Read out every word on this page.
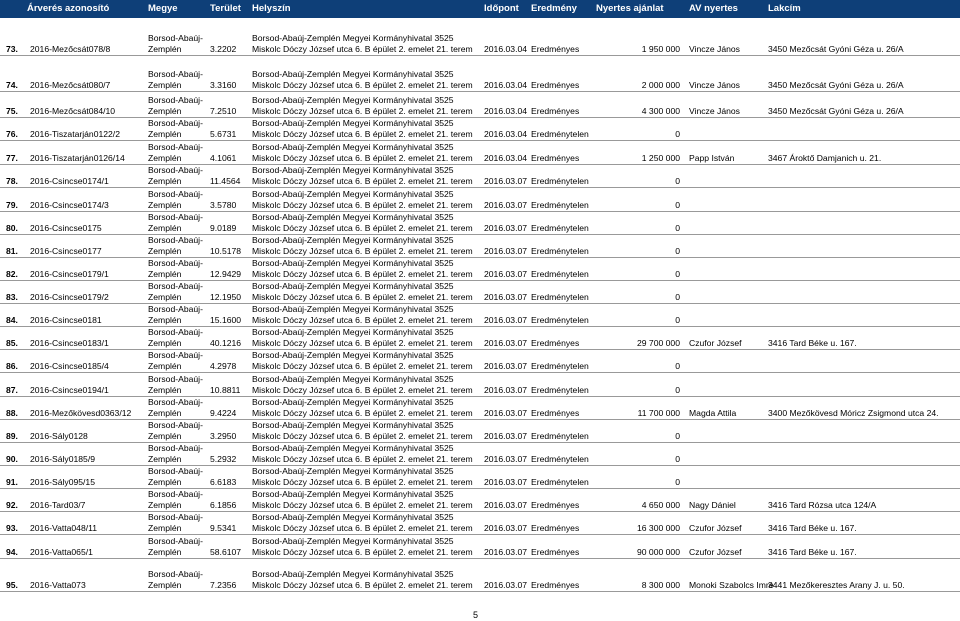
Árverés azonosító	Megye	Terület Helyszín	Időpont Eredmény Nyertes ajánlat	AV nyertes	Lakcím
73. 2016-Mezőcsát078/8
Borsod-Abaúj-
Zemplén	3.2202
Borsod-Abaúj-Zemplén Megyei Kormányhivatal 3525
Miskolc Dóczy József utca 6. B épület 2. emelet 21. terem 2016.03.04 Eredményes	1 950 000 Vincze János	3450 Mezőcsát Gyóni Géza u. 26/A
74. 2016-Mezőcsát080/7
Borsod-Abaúj-
Zemplén	3.3160
Borsod-Abaúj-Zemplén Megyei Kormányhivatal 3525
Miskolc Dóczy József utca 6. B épület 2. emelet 21. terem 2016.03.04 Eredményes	2 000 000 Vincze János	3450 Mezőcsát Gyóni Géza u. 26/A
75. 2016-Mezőcsát084/10
Borsod-Abaúj-
Zemplén	7.2510
Borsod-Abaúj-Zemplén Megyei Kormányhivatal 3525
Miskolc Dóczy József utca 6. B épület 2. emelet 21. terem 2016.03.04 Eredményes	4 300 000 Vincze János	3450 Mezőcsát Gyóni Géza u. 26/A
76. 2016-Tiszatarján0122/2
Borsod-Abaúj-
Zemplén	5.6731
Borsod-Abaúj-Zemplén Megyei Kormányhivatal 3525
Miskolc Dóczy József utca 6. B épület 2. emelet 21. terem 2016.03.04 Eredménytelen	0
77. 2016-Tiszatarján0126/14
Borsod-Abaúj-
Zemplén	4.1061
Borsod-Abaúj-Zemplén Megyei Kormányhivatal 3525
Miskolc Dóczy József utca 6. B épület 2. emelet 21. terem 2016.03.04 Eredményes	1 250 000 Papp István	3467 Ároktő Damjanich u. 21.
78. 2016-Csincse0174/1
Borsod-Abaúj-
Zemplén	11.4564
Borsod-Abaúj-Zemplén Megyei Kormányhivatal 3525
Miskolc Dóczy József utca 6. B épület 2. emelet 21. terem 2016.03.07 Eredménytelen	0
79. 2016-Csincse0174/3
Borsod-Abaúj-
Zemplén	3.5780
Borsod-Abaúj-Zemplén Megyei Kormányhivatal 3525
Miskolc Dóczy József utca 6. B épület 2. emelet 21. terem 2016.03.07 Eredménytelen	0
80. 2016-Csincse0175
Borsod-Abaúj-
Zemplén	9.0189
Borsod-Abaúj-Zemplén Megyei Kormányhivatal 3525
Miskolc Dóczy József utca 6. B épület 2. emelet 21. terem 2016.03.07 Eredménytelen	0
81. 2016-Csincse0177
Borsod-Abaúj-
Zemplén	10.5178
Borsod-Abaúj-Zemplén Megyei Kormányhivatal 3525
Miskolc Dóczy József utca 6. B épület 2. emelet 21. terem 2016.03.07 Eredménytelen	0
82. 2016-Csincse0179/1
Borsod-Abaúj-
Zemplén	12.9429
Borsod-Abaúj-Zemplén Megyei Kormányhivatal 3525
Miskolc Dóczy József utca 6. B épület 2. emelet 21. terem 2016.03.07 Eredménytelen	0
83. 2016-Csincse0179/2
Borsod-Abaúj-
Zemplén	12.1950
Borsod-Abaúj-Zemplén Megyei Kormányhivatal 3525
Miskolc Dóczy József utca 6. B épület 2. emelet 21. terem 2016.03.07 Eredménytelen	0
84. 2016-Csincse0181
Borsod-Abaúj-
Zemplén	15.1600
Borsod-Abaúj-Zemplén Megyei Kormányhivatal 3525
Miskolc Dóczy József utca 6. B épület 2. emelet 21. terem 2016.03.07 Eredménytelen	0
85. 2016-Csincse0183/1
Borsod-Abaúj-
Zemplén	40.1216
Borsod-Abaúj-Zemplén Megyei Kormányhivatal 3525
Miskolc Dóczy József utca 6. B épület 2. emelet 21. terem 2016.03.07 Eredményes	29 700 000 Czufor József	3416 Tard Béke u. 167.
86. 2016-Csincse0185/4
Borsod-Abaúj-
Zemplén	4.2978
Borsod-Abaúj-Zemplén Megyei Kormányhivatal 3525
Miskolc Dóczy József utca 6. B épület 2. emelet 21. terem 2016.03.07 Eredménytelen	0
87. 2016-Csincse0194/1
Borsod-Abaúj-
Zemplén	10.8811
Borsod-Abaúj-Zemplén Megyei Kormányhivatal 3525
Miskolc Dóczy József utca 6. B épület 2. emelet 21. terem 2016.03.07 Eredménytelen	0
88. 2016-Mezőkövesd0363/12
Borsod-Abaúj-
Zemplén	9.4224
Borsod-Abaúj-Zemplén Megyei Kormányhivatal 3525
Miskolc Dóczy József utca 6. B épület 2. emelet 21. terem 2016.03.07 Eredményes	11 700 000 Magda Attila	3400 Mezőkövesd Móricz Zsigmond utca 24.
89. 2016-Sály0128
Borsod-Abaúj-
Zemplén	3.2950
Borsod-Abaúj-Zemplén Megyei Kormányhivatal 3525
Miskolc Dóczy József utca 6. B épület 2. emelet 21. terem 2016.03.07 Eredménytelen	0
90. 2016-Sály0185/9
Borsod-Abaúj-
Zemplén	5.2932
Borsod-Abaúj-Zemplén Megyei Kormányhivatal 3525
Miskolc Dóczy József utca 6. B épület 2. emelet 21. terem 2016.03.07 Eredménytelen	0
91. 2016-Sály095/15
Borsod-Abaúj-
Zemplén	6.6183
Borsod-Abaúj-Zemplén Megyei Kormányhivatal 3525
Miskolc Dóczy József utca 6. B épület 2. emelet 21. terem 2016.03.07 Eredménytelen	0
92. 2016-Tard03/7
Borsod-Abaúj-
Zemplén	6.1856
Borsod-Abaúj-Zemplén Megyei Kormányhivatal 3525
Miskolc Dóczy József utca 6. B épület 2. emelet 21. terem 2016.03.07 Eredményes	4 650 000 Nagy Dániel	3416 Tard Rózsa utca 124/A
93. 2016-Vatta048/11
Borsod-Abaúj-
Zemplén	9.5341
Borsod-Abaúj-Zemplén Megyei Kormányhivatal 3525
Miskolc Dóczy József utca 6. B épület 2. emelet 21. terem 2016.03.07 Eredményes	16 300 000 Czufor József	3416 Tard Béke u. 167.
94. 2016-Vatta065/1
Borsod-Abaúj-
Zemplén	58.6107
Borsod-Abaúj-Zemplén Megyei Kormányhivatal 3525
Miskolc Dóczy József utca 6. B épület 2. emelet 21. terem 2016.03.07 Eredményes	90 000 000 Czufor József	3416 Tard Béke u. 167.
95. 2016-Vatta073
Borsod-Abaúj-
Zemplén	7.2356
Borsod-Abaúj-Zemplén Megyei Kormányhivatal 3525
Miskolc Dóczy József utca 6. B épület 2. emelet 21. terem 2016.03.07 Eredményes	8 300 000 Monoki Szabolcs Imre
3441 Mezőkeresztes Arany J. u. 50.
5
